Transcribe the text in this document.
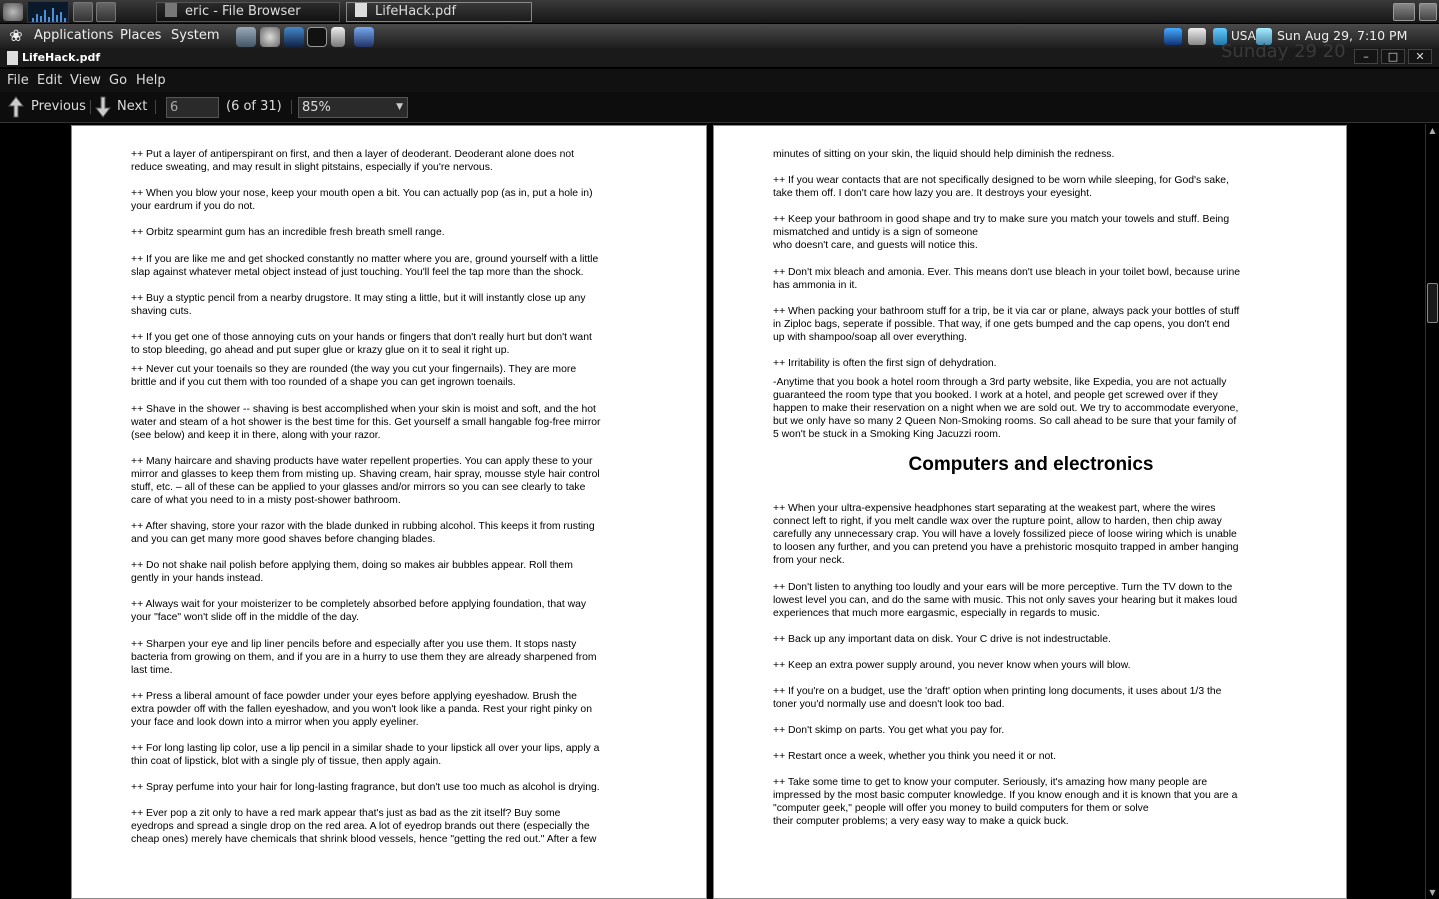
eric - File Browser	LifeHack.pdf
❀ Applications Places System	USA Sun Aug 29, 7:10 PM
LifeHack.pdf	Sunday 29 20	–	□	✕
File Edit View Go Help
Previous Next
6	(6 of 31)	85%	▼
++ Put a layer of antiperspirant on first, and then a layer of deoderant. Deoderant alone does not
reduce sweating, and may result in slight pitstains, especially if you're nervous.
++ When you blow your nose, keep your mouth open a bit. You can actually pop (as in, put a hole in)
your eardrum if you do not.
++ Orbitz spearmint gum has an incredible fresh breath smell range.
++ If you are like me and get shocked constantly no matter where you are, ground yourself with a little
slap against whatever metal object instead of just touching. You'll feel the tap more than the shock.
++ Buy a styptic pencil from a nearby drugstore. It may sting a little, but it will instantly close up any
shaving cuts.
++ If you get one of those annoying cuts on your hands or fingers that don't really hurt but don't want
to stop bleeding, go ahead and put super glue or krazy glue on it to seal it right up.
++ Never cut your toenails so they are rounded (the way you cut your fingernails). They are more
brittle and if you cut them with too rounded of a shape you can get ingrown toenails.
++ Shave in the shower -- shaving is best accomplished when your skin is moist and soft, and the hot
water and steam of a hot shower is the best time for this. Get yourself a small hangable fog-free mirror
(see below) and keep it in there, along with your razor.
++ Many haircare and shaving products have water repellent properties. You can apply these to your
mirror and glasses to keep them from misting up. Shaving cream, hair spray, mousse style hair control
stuff, etc. – all of these can be applied to your glasses and/or mirrors so you can see clearly to take
care of what you need to in a misty post-shower bathroom.
++ After shaving, store your razor with the blade dunked in rubbing alcohol. This keeps it from rusting
and you can get many more good shaves before changing blades.
++ Do not shake nail polish before applying them, doing so makes air bubbles appear. Roll them
gently in your hands instead.
++ Always wait for your moisterizer to be completely absorbed before applying foundation, that way
your "face" won't slide off in the middle of the day.
++ Sharpen your eye and lip liner pencils before and especially after you use them. It stops nasty
bacteria from growing on them, and if you are in a hurry to use them they are already sharpened from
last time.
++ Press a liberal amount of face powder under your eyes before applying eyeshadow. Brush the
extra powder off with the fallen eyeshadow, and you won't look like a panda. Rest your right pinky on
your face and look down into a mirror when you apply eyeliner.
++ For long lasting lip color, use a lip pencil in a similar shade to your lipstick all over your lips, apply a
thin coat of lipstick, blot with a single ply of tissue, then apply again.
++ Spray perfume into your hair for long-lasting fragrance, but don't use too much as alcohol is drying.
++ Ever pop a zit only to have a red mark appear that's just as bad as the zit itself? Buy some
eyedrops and spread a single drop on the red area. A lot of eyedrop brands out there (especially the
cheap ones) merely have chemicals that shrink blood vessels, hence "getting the red out." After a few
minutes of sitting on your skin, the liquid should help diminish the redness.
++ If you wear contacts that are not specifically designed to be worn while sleeping, for God's sake,
take them off. I don't care how lazy you are. It destroys your eyesight.
++ Keep your bathroom in good shape and try to make sure you match your towels and stuff. Being
mismatched and untidy is a sign of someone
who doesn't care, and guests will notice this.
++ Don't mix bleach and amonia. Ever. This means don't use bleach in your toilet bowl, because urine
has ammonia in it.
++ When packing your bathroom stuff for a trip, be it via car or plane, always pack your bottles of stuff
in Ziploc bags, seperate if possible. That way, if one gets bumped and the cap opens, you don't end
up with shampoo/soap all over everything.
++ Irritability is often the first sign of dehydration.
-Anytime that you book a hotel room through a 3rd party website, like Expedia, you are not actually
guaranteed the room type that you booked. I work at a hotel, and people get screwed over if they
happen to make their reservation on a night when we are sold out. We try to accommodate everyone,
but we only have so many 2 Queen Non-Smoking rooms. So call ahead to be sure that your family of
5 won't be stuck in a Smoking King Jacuzzi room.
Computers and electronics
++ When your ultra-expensive headphones start separating at the weakest part, where the wires
connect left to right, if you melt candle wax over the rupture point, allow to harden, then chip away
carefully any unnecessary crap. You will have a lovely fossilized piece of loose wiring which is unable
to loosen any further, and you can pretend you have a prehistoric mosquito trapped in amber hanging
from your neck.
++ Don't listen to anything too loudly and your ears will be more perceptive. Turn the TV down to the
lowest level you can, and do the same with music. This not only saves your hearing but it makes loud
experiences that much more eargasmic, especially in regards to music.
++ Back up any important data on disk. Your C drive is not indestructable.
++ Keep an extra power supply around, you never know when yours will blow.
++ If you're on a budget, use the 'draft' option when printing long documents, it uses about 1/3 the
toner you'd normally use and doesn't look too bad.
++ Don't skimp on parts. You get what you pay for.
++ Restart once a week, whether you think you need it or not.
++ Take some time to get to know your computer. Seriously, it's amazing how many people are
impressed by the most basic computer knowledge. If you know enough and it is known that you are a
"computer geek," people will offer you money to build computers for them or solve
their computer problems; a very easy way to make a quick buck.
▲
▼
